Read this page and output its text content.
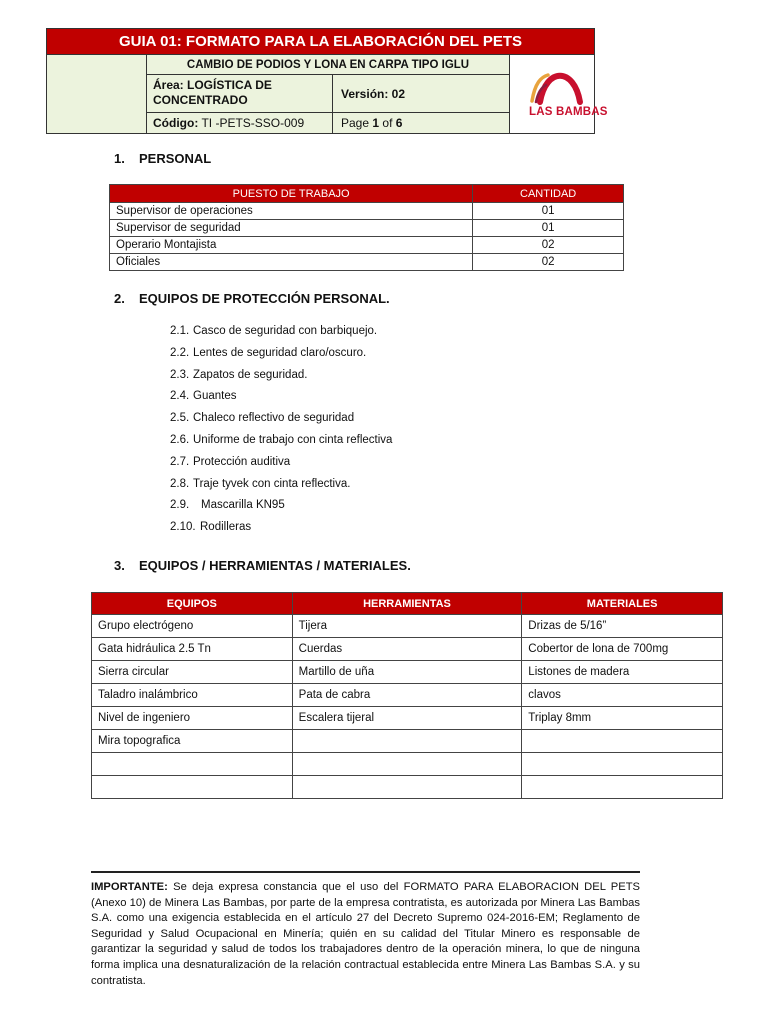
GUIA 01: FORMATO PARA LA ELABORACIÓN DEL PETS
CAMBIO DE PODIOS Y LONA EN CARPA TIPO IGLU
Área: LOGÍSTICA DE CONCENTRADO	Versión: 02
Código: TI -PETS-SSO-009	Page 1 of 6
LAS BAMBAS
1. PERSONAL
PUESTO DE TRABAJO	CANTIDAD
Supervisor de operaciones	01
Supervisor de seguridad	01
Operario Montajista	02
Oficiales	02
2. EQUIPOS DE PROTECCIÓN PERSONAL.
2.1. Casco de seguridad con barbiquejo.
2.2. Lentes de seguridad claro/oscuro.
2.3. Zapatos de seguridad.
2.4. Guantes
2.5. Chaleco reflectivo de seguridad
2.6. Uniforme de trabajo con cinta reflectiva
2.7. Protección auditiva
2.8. Traje tyvek con cinta reflectiva.
2.9. Mascarilla KN95
2.10. Rodilleras
3. EQUIPOS / HERRAMIENTAS / MATERIALES.
EQUIPOS	HERRAMIENTAS	MATERIALES
Grupo electrógeno	Tijera	Drizas de 5/16”
Gata hidráulica 2.5 Tn	Cuerdas	Cobertor de lona de 700mg
Sierra circular	Martillo de uña	Listones de madera
Taladro inalámbrico	Pata de cabra	clavos
Nivel de ingeniero	Escalera tijeral	Triplay 8mm
Mira topografica		

IMPORTANTE: Se deja expresa constancia que el uso del FORMATO PARA ELABORACION DEL PETS (Anexo 10) de Minera Las Bambas, por parte de la empresa contratista, es autorizada por Minera Las Bambas S.A. como una exigencia establecida en el artículo 27 del Decreto Supremo 024-2016-EM; Reglamento de Seguridad y Salud Ocupacional en Minería; quién en su calidad del Titular Minero es responsable de garantizar la seguridad y salud de todos los trabajadores dentro de la operación minera, lo que de ninguna forma implica una desnaturalización de la relación contractual establecida entre Minera Las Bambas S.A. y su contratista.
